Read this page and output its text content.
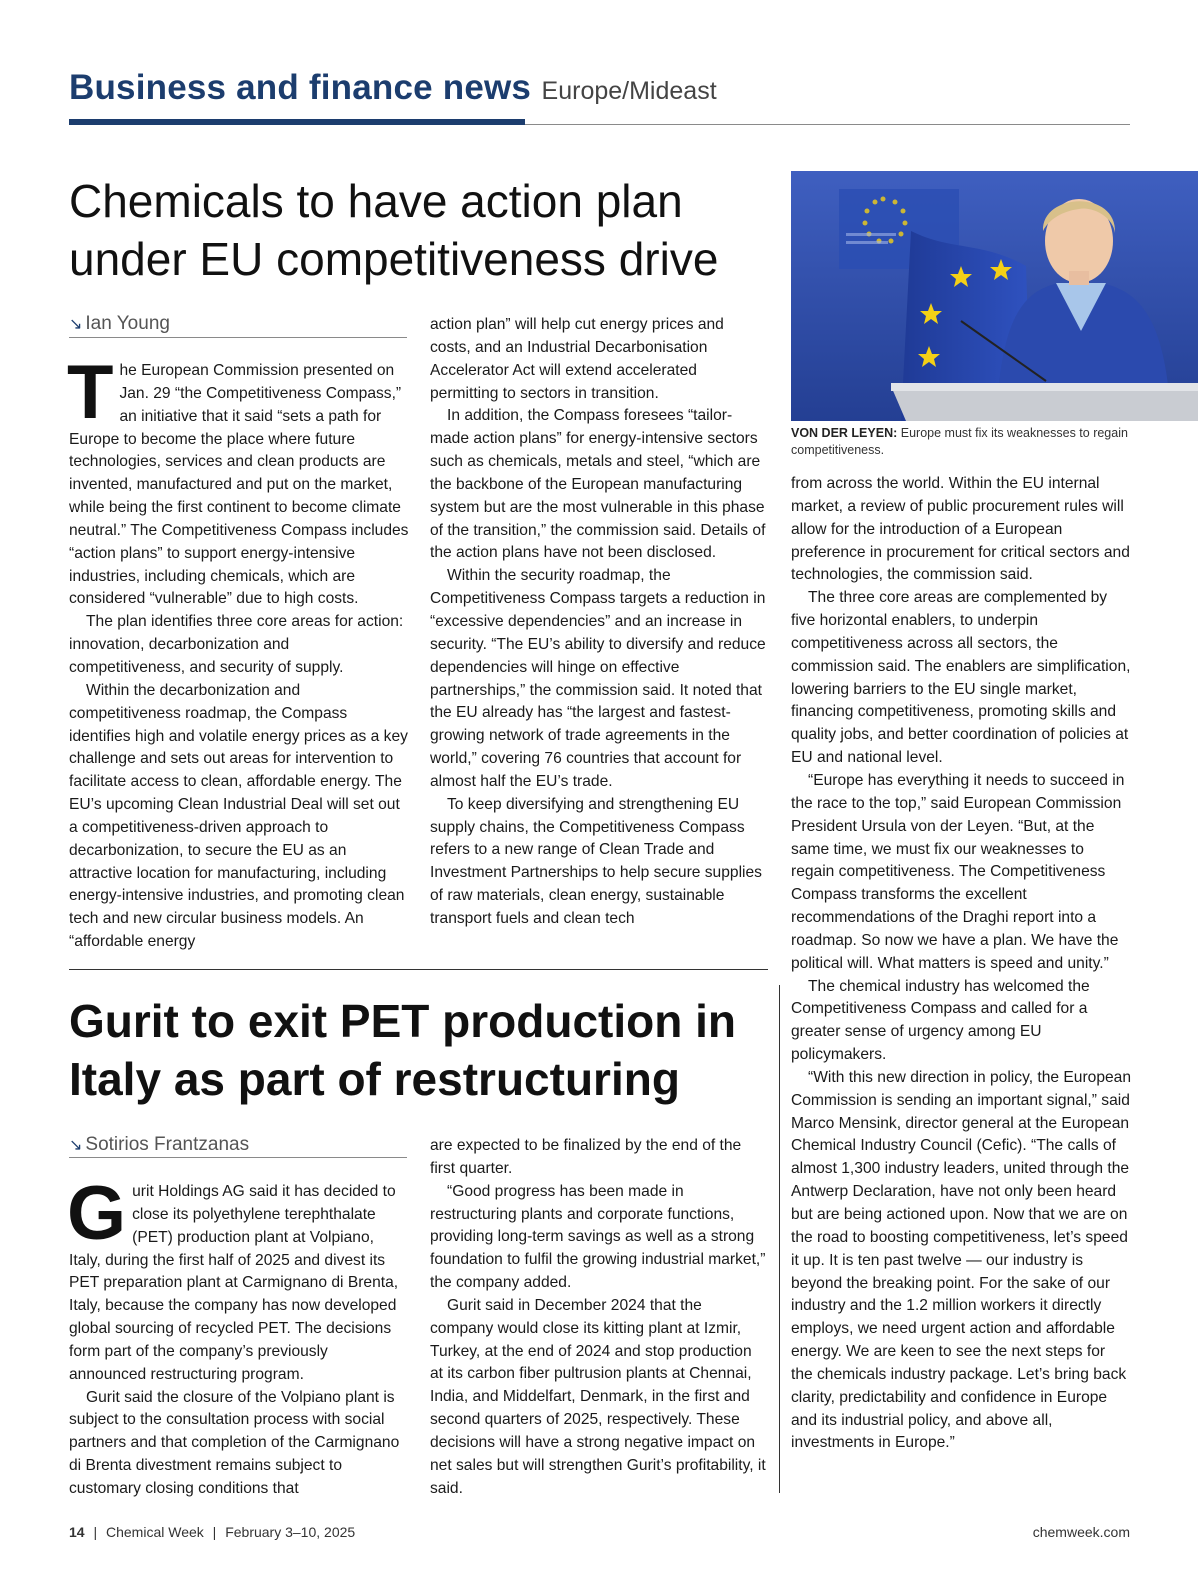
Business and finance news Europe/Mideast
Chemicals to have action plan
under EU competitiveness drive
↘ Ian Young

The European Commission presented on Jan. 29 “the Competitiveness Compass,” an initiative that it said “sets a path for Europe to become the place where future technologies, services and clean products are invented, manufactured and put on the market, while being the first continent to become climate neutral.” The Competitiveness Compass includes “action plans” to support energy-intensive industries, including chemicals, which are considered “vulnerable” due to high costs.

The plan identifies three core areas for action: innovation, decarbonization and competitiveness, and security of supply.

Within the decarbonization and competitiveness roadmap, the Compass identifies high and volatile energy prices as a key challenge and sets out areas for intervention to facilitate access to clean, affordable energy. The EU’s upcoming Clean Industrial Deal will set out a competitiveness-driven approach to decarbonization, to secure the EU as an attractive location for manufacturing, including energy-intensive industries, and promoting clean tech and new circular business models. An “affordable energy

action plan” will help cut energy prices and costs, and an Industrial Decarbonisation Accelerator Act will extend accelerated permitting to sectors in transition.

In addition, the Compass foresees “tailor-made action plans” for energy-intensive sectors such as chemicals, metals and steel, “which are the backbone of the European manufacturing system but are the most vulnerable in this phase of the transition,” the commission said. Details of the action plans have not been disclosed.

Within the security roadmap, the Competitiveness Compass targets a reduction in “excessive dependencies” and an increase in security. “The EU’s ability to diversify and reduce dependencies will hinge on effective partnerships,” the commission said. It noted that the EU already has “the largest and fastest-growing network of trade agreements in the world,” covering 76 countries that account for almost half the EU’s trade.

To keep diversifying and strengthening EU supply chains, the Competitiveness Compass refers to a new range of Clean Trade and Investment Partnerships to help secure supplies of raw materials, clean energy, sustainable transport fuels and clean tech

VON DER LEYEN: Europe must fix its weaknesses to regain competitiveness.

from across the world. Within the EU internal market, a review of public procurement rules will allow for the introduction of a European preference in procurement for critical sectors and technologies, the commission said.

The three core areas are complemented by five horizontal enablers, to underpin competitiveness across all sectors, the commission said. The enablers are simplification, lowering barriers to the EU single market, financing competitiveness, promoting skills and quality jobs, and better coordination of policies at EU and national level.

“Europe has everything it needs to succeed in the race to the top,” said European Commission President Ursula von der Leyen. “But, at the same time, we must fix our weaknesses to regain competitiveness. The Competitiveness Compass transforms the excellent recommendations of the Draghi report into a roadmap. So now we have a plan. We have the political will. What matters is speed and unity.”

The chemical industry has welcomed the Competitiveness Compass and called for a greater sense of urgency among EU policymakers.

“With this new direction in policy, the European Commission is sending an important signal,” said Marco Mensink, director general at the European Chemical Industry Council (Cefic). “The calls of almost 1,300 industry leaders, united through the Antwerp Declaration, have not only been heard but are being actioned upon. Now that we are on the road to boosting competitiveness, let’s speed it up. It is ten past twelve — our industry is beyond the breaking point. For the sake of our industry and the 1.2 million workers it directly employs, we need urgent action and affordable energy. We are keen to see the next steps for the chemicals industry package. Let’s bring back clarity, predictability and confidence in Europe and its industrial policy, and above all, investments in Europe.”

Gurit to exit PET production in
Italy as part of restructuring
↘ Sotirios Frantzanas

Gurit Holdings AG said it has decided to close its polyethylene terephthalate (PET) production plant at Volpiano, Italy, during the first half of 2025 and divest its PET preparation plant at Carmignano di Brenta, Italy, because the company has now developed global sourcing of recycled PET. The decisions form part of the company’s previously announced restructuring program.

Gurit said the closure of the Volpiano plant is subject to the consultation process with social partners and that completion of the Carmignano di Brenta divestment remains subject to customary closing conditions that

are expected to be finalized by the end of the first quarter.

“Good progress has been made in restructuring plants and corporate functions, providing long-term savings as well as a strong foundation to fulfil the growing industrial market,” the company added.

Gurit said in December 2024 that the company would close its kitting plant at Izmir, Turkey, at the end of 2024 and stop production at its carbon fiber pultrusion plants at Chennai, India, and Middelfart, Denmark, in the first and second quarters of 2025, respectively. These decisions will have a strong negative impact on net sales but will strengthen Gurit’s profitability, it said.

14 | Chemical Week | February 3–10, 2025	chemweek.com
